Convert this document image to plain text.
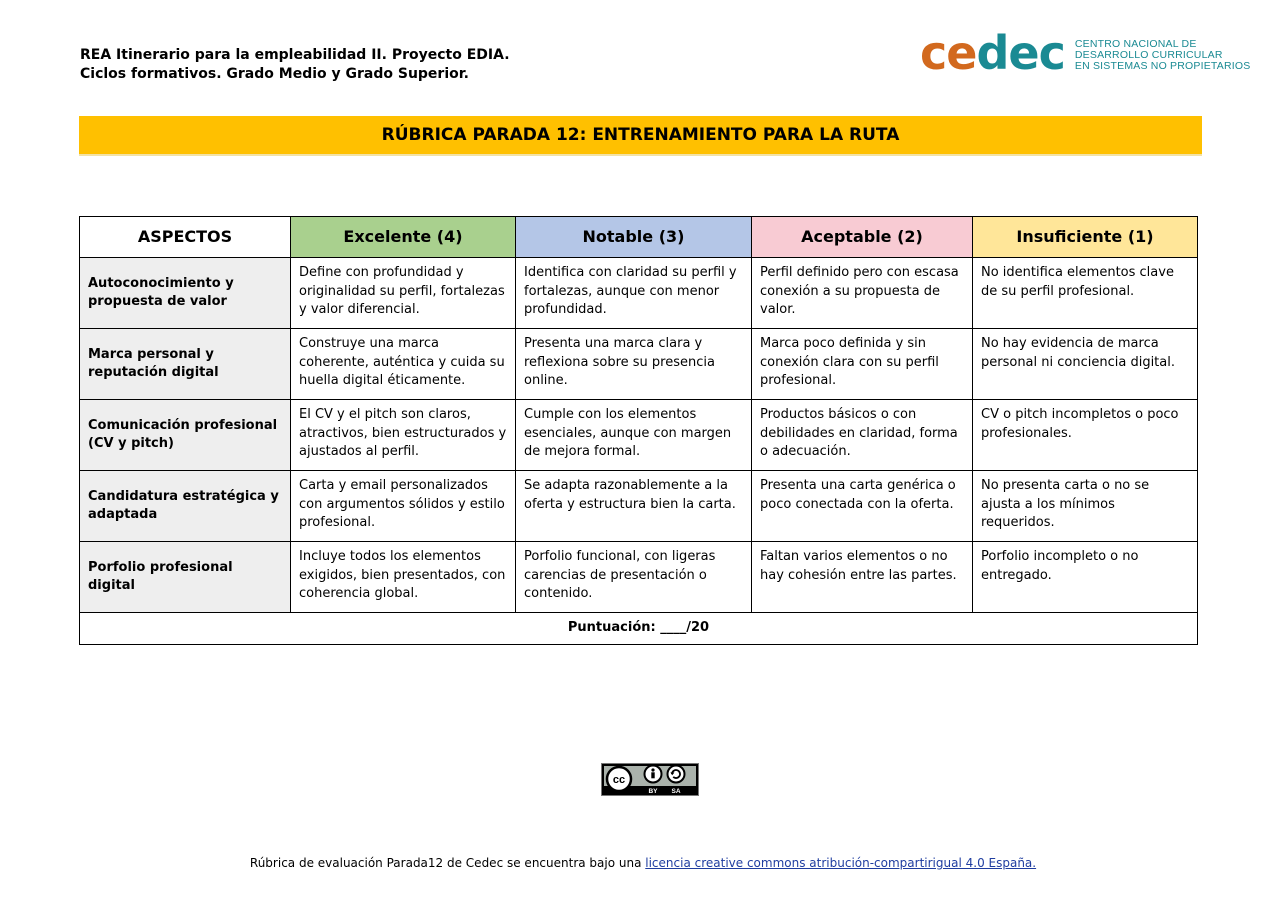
REA Itinerario para la empleabilidad II. Proyecto EDIA.
Ciclos formativos. Grado Medio y Grado Superior.	cedec CENTRO NACIONAL DE
DESARROLLO CURRICULAR
EN SISTEMAS NO PROPIETARIOS
RÚBRICA PARADA 12: ENTRENAMIENTO PARA LA RUTA
ASPECTOS	Excelente (4)	Notable (3)	Aceptable (2)	Insuficiente (1)
Autoconocimiento y propuesta de valor	Define con profundidad y originalidad su perfil, fortalezas y valor diferencial.	Identifica con claridad su perfil y fortalezas, aunque con menor profundidad.	Perfil definido pero con escasa conexión a su propuesta de valor.	No identifica elementos clave de su perfil profesional.
Marca personal y reputación digital	Construye una marca coherente, auténtica y cuida su huella digital éticamente.	Presenta una marca clara y reflexiona sobre su presencia online.	Marca poco definida y sin conexión clara con su perfil profesional.	No hay evidencia de marca personal ni conciencia digital.
Comunicación profesional (CV y pitch)	El CV y el pitch son claros, atractivos, bien estructurados y ajustados al perfil.	Cumple con los elementos esenciales, aunque con margen de mejora formal.	Productos básicos o con debilidades en claridad, forma o adecuación.	CV o pitch incompletos o poco profesionales.
Candidatura estratégica y adaptada	Carta y email personalizados con argumentos sólidos y estilo profesional.	Se adapta razonablemente a la oferta y estructura bien la carta.	Presenta una carta genérica o poco conectada con la oferta.	No presenta carta o no se ajusta a los mínimos requeridos.
Porfolio profesional digital	Incluye todos los elementos exigidos, bien presentados, con coherencia global.	Porfolio funcional, con ligeras carencias de presentación o contenido.	Faltan varios elementos o no hay cohesión entre las partes.	Porfolio incompleto o no entregado.
Puntuación: ____/20				
cc
BY SA
Rúbrica de evaluación Parada12 de Cedec se encuentra bajo una licencia creative commons atribución-compartirigual 4.0 España.
